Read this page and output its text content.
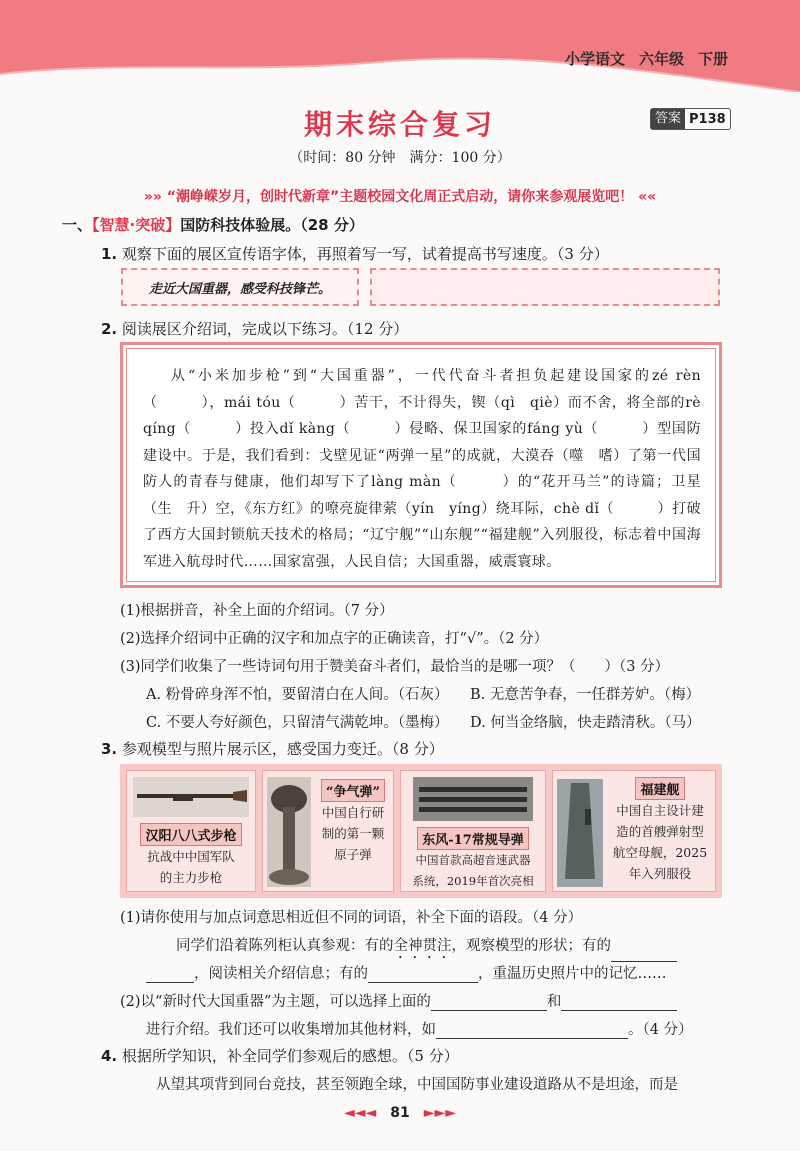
小学语文 六年级 下册
期末综合复习	答案 P138
（时间：80 分钟　满分：100 分）
»» “潮峥嵘岁月，创时代新章”主题校园文化周正式启动，请你来参观展览吧！ ««
一、【智慧·突破】国防科技体验展。（28 分）
1. 观察下面的展区宣传语字体，再照着写一写，试着提高书写速度。（3 分）
走近大国重器，感受科技锋芒。
2. 阅读展区介绍词，完成以下练习。（12 分）

从“小米加步枪”到“大国重器”，一代代奋斗者担负起建设国家的zé rèn（　　　），mái tóu（　　　）苦干，不计得失，锲（qì　qiè）而不舍，将全部的rè qíng（　　　）投入dǐ kàng（　　　）侵略、保卫国家的fáng yù（　　　）型国防建设中。于是，我们看到：戈壁见证“两弹一星”的成就，大漠吞（噬　嗜）了第一代国防人的青春与健康，他们却写下了làng màn（　　　）的“花开马兰”的诗篇；卫星（生　升）空，《东方红》的嘹亮旋律萦（yín　yíng）绕耳际，chè dǐ（　　　）打破了西方大国封锁航天技术的格局；“辽宁舰”“山东舰”“福建舰”入列服役，标志着中国海军进入航母时代……国家富强，人民自信；大国重器，威震寰球。

(1)根据拼音，补全上面的介绍词。（7 分）
(2)选择介绍词中正确的汉字和加点字的正确读音，打“√”。（2 分）
(3)同学们收集了一些诗词句用于赞美奋斗者们，最恰当的是哪一项？（　　）（3 分）
A. 粉骨碎身浑不怕，要留清白在人间。（石灰） B. 无意苦争春，一任群芳妒。（梅）
C. 不要人夸好颜色，只留清气满乾坤。（墨梅） D. 何当金络脑，快走踏清秋。（马）
3. 参观模型与照片展示区，感受国力变迁。（8 分）
汉阳八八式步枪
抗战中中国军队
的主力步枪
“争气弹”
中国自行研
制的第一颗
原子弹
东风-17常规导弹
中国首款高超音速武器
系统，2019年首次亮相
福建舰
中国自主设计建
造的首艘弹射型
航空母舰，2025
年入列服役
(1)请你使用与加点词意思相近但不同的词语，补全下面的语段。（4 分）
同学们沿着陈列柜认真参观：有的全神贯注，观察模型的形状；有的
，阅读相关介绍信息；有的	，重温历史照片中的记忆……
(2)以“新时代大国重器”为主题，可以选择上面的	和
进行介绍。我们还可以收集增加其他材料，如	。（4 分）
4. 根据所学知识，补全同学们参观后的感想。（5 分）
从望其项背到同台竞技，甚至领跑全球，中国国防事业建设道路从不是坦途，而是
◄◄◄ 81 ►►►
